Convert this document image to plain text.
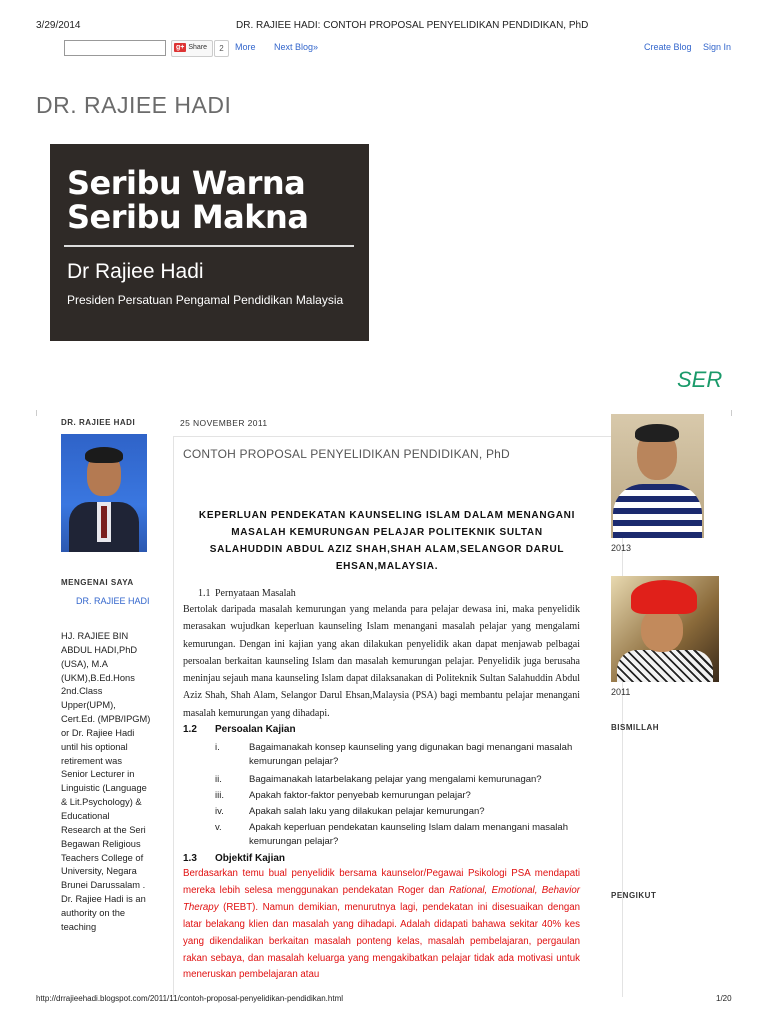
3/29/2014	DR. RAJIEE HADI: CONTOH PROPOSAL PENYELIDIKAN PENDIDIKAN, PhD
g+ Share	2	More Next Blog»	Create Blog Sign In
DR. RAJIEE HADI
Seribu Warna
Seribu Makna
Dr Rajiee Hadi
Presiden Persatuan Pengamal Pendidikan Malaysia
SER
DR. RAJIEE HADI
MENGENAI SAYA
DR. RAJIEE HADI
HJ. RAJIEE BIN ABDUL HADI,PhD (USA), M.A (UKM),B.Ed.Hons 2nd.Class Upper(UPM), Cert.Ed. (MPB/IPGM) or Dr. Rajiee Hadi until his optional retirement was Senior Lecturer in Linguistic (Language & Lit.Psychology) & Educational Research at the Seri Begawan Religious Teachers College of University, Negara Brunei Darussalam . Dr. Rajiee Hadi is an authority on the teaching
25 NOVEMBER 2011
CONTOH PROPOSAL PENYELIDIKAN PENDIDIKAN, PhD
KEPERLUAN PENDEKATAN KAUNSELING ISLAM DALAM MENANGANI MASALAH KEMURUNGAN PELAJAR POLITEKNIK SULTAN SALAHUDDIN ABDUL AZIZ SHAH,SHAH ALAM,SELANGOR DARUL EHSAN,MALAYSIA.
1.1 Pernyataan Masalah
Bertolak daripada masalah kemurungan yang melanda para pelajar dewasa ini, maka penyelidik merasakan wujudkan keperluan kaunseling Islam menangani masalah pelajar yang mengalami kemurungan. Dengan ini kajian yang akan dilakukan penyelidik akan dapat menjawab pelbagai persoalan berkaitan kaunseling Islam dan masalah kemurungan pelajar. Penyelidik juga berusaha meninjau sejauh mana kaunseling Islam dapat dilaksanakan di Politeknik Sultan Salahuddin Abdul Aziz Shah, Shah Alam, Selangor Darul Ehsan,Malaysia (PSA) bagi membantu pelajar menangani masalah kemurungan yang dihadapi.
1.2 Persoalan Kajian
i.	Bagaimanakah konsep kaunseling yang digunakan bagi menangani masalah kemurungan pelajar?
ii.	Bagaimanakah latarbelakang pelajar yang mengalami kemurunagan?
iii.	Apakah faktor-faktor penyebab kemurungan pelajar?
iv.	Apakah salah laku yang dilakukan pelajar kemurungan?
v.	Apakah keperluan pendekatan kaunseling Islam dalam menangani masalah kemurungan pelajar?
1.3 Objektif Kajian
Berdasarkan temu bual penyelidik bersama kaunselor/Pegawai Psikologi PSA mendapati mereka lebih selesa menggunakan pendekatan Roger dan Rational, Emotional, Behavior Therapy (REBT). Namun demikian, menurutnya lagi, pendekatan ini disesuaikan dengan latar belakang klien dan masalah yang dihadapi. Adalah didapati bahawa sekitar 40% kes yang dikendalikan berkaitan masalah ponteng kelas, masalah pembelajaran, pergaulan rakan sebaya, dan masalah keluarga yang mengakibatkan pelajar tidak ada motivasi untuk meneruskan pembelajaran atau
2013
2011
BISMILLAH
PENGIKUT
http://drrajieehadi.blogspot.com/2011/11/contoh-proposal-penyelidikan-pendidikan.html	1/20
